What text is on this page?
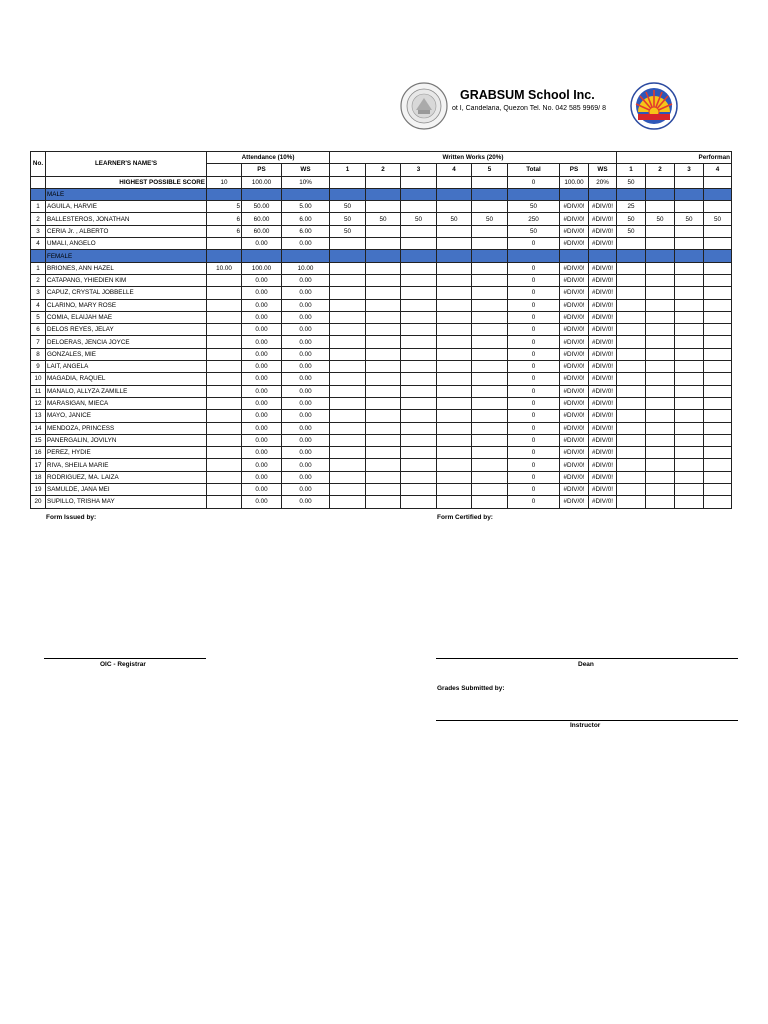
GRABSUM School Inc.
ot I, Candelaria, Quezon Tel. No. 042 585 9969/ 8
No.	LEARNER'S NAME'S	Attendance (10%)			Written Works (20%)								Performan			
			PS	WS	1	2	3	4	5	Total	PS	WS	1	2	3	4
	HIGHEST POSSIBLE SCORE	10	100.00	10%						0	100.00	20%	50			
	MALE															
1	AGUILA, HARVIE	5	50.00	5.00	50					50	#DIV/0!	#DIV/0!	25			
2	BALLESTEROS, JONATHAN	6	60.00	6.00	50	50	50	50	50	250	#DIV/0!	#DIV/0!	50	50	50	50
3	CERIA Jr. , ALBERTO	6	60.00	6.00	50					50	#DIV/0!	#DIV/0!	50			
4	UMALI, ANGELO		0.00	0.00						0	#DIV/0!	#DIV/0!				
	FEMALE															
1	BRIONES, ANN HAZEL	10.00	100.00	10.00						0	#DIV/0!	#DIV/0!				
2	CATAPANG, YHIEDIEN KIM		0.00	0.00						0	#DIV/0!	#DIV/0!				
3	CAPUZ, CRYSTAL JOBBELLE		0.00	0.00						0	#DIV/0!	#DIV/0!				
4	CLARINO, MARY ROSE		0.00	0.00						0	#DIV/0!	#DIV/0!				
5	COMIA, ELAIJAH MAE		0.00	0.00						0	#DIV/0!	#DIV/0!				
6	DELOS REYES, JELAY		0.00	0.00						0	#DIV/0!	#DIV/0!				
7	DELOERAS, JENCIA JOYCE		0.00	0.00						0	#DIV/0!	#DIV/0!				
8	GONZALES, MIE		0.00	0.00						0	#DIV/0!	#DIV/0!				
9	LAIT, ANGELA		0.00	0.00						0	#DIV/0!	#DIV/0!				
10	MAGADIA, RAQUEL		0.00	0.00						0	#DIV/0!	#DIV/0!				
11	MANALO, ALLYZA ZAMILLE		0.00	0.00						0	#DIV/0!	#DIV/0!				
12	MARASIGAN, MIECA		0.00	0.00						0	#DIV/0!	#DIV/0!				
13	MAYO, JANICE		0.00	0.00						0	#DIV/0!	#DIV/0!				
14	MENDOZA, PRINCESS		0.00	0.00						0	#DIV/0!	#DIV/0!				
15	PANERGALIN, JOVILYN		0.00	0.00						0	#DIV/0!	#DIV/0!				
16	PEREZ, HYDIE		0.00	0.00						0	#DIV/0!	#DIV/0!				
17	RIVA, SHEILA MARIE		0.00	0.00						0	#DIV/0!	#DIV/0!				
18	RODRIGUEZ, MA. LAIZA		0.00	0.00						0	#DIV/0!	#DIV/0!				
19	SAMULDE, JANA MEI		0.00	0.00						0	#DIV/0!	#DIV/0!				
20	SUPILLO, TRISHA MAY		0.00	0.00						0	#DIV/0!	#DIV/0!				
Form Issued by:	Form Certified by:
OIC - Registrar	Dean
Grades Submitted by:
Instructor
